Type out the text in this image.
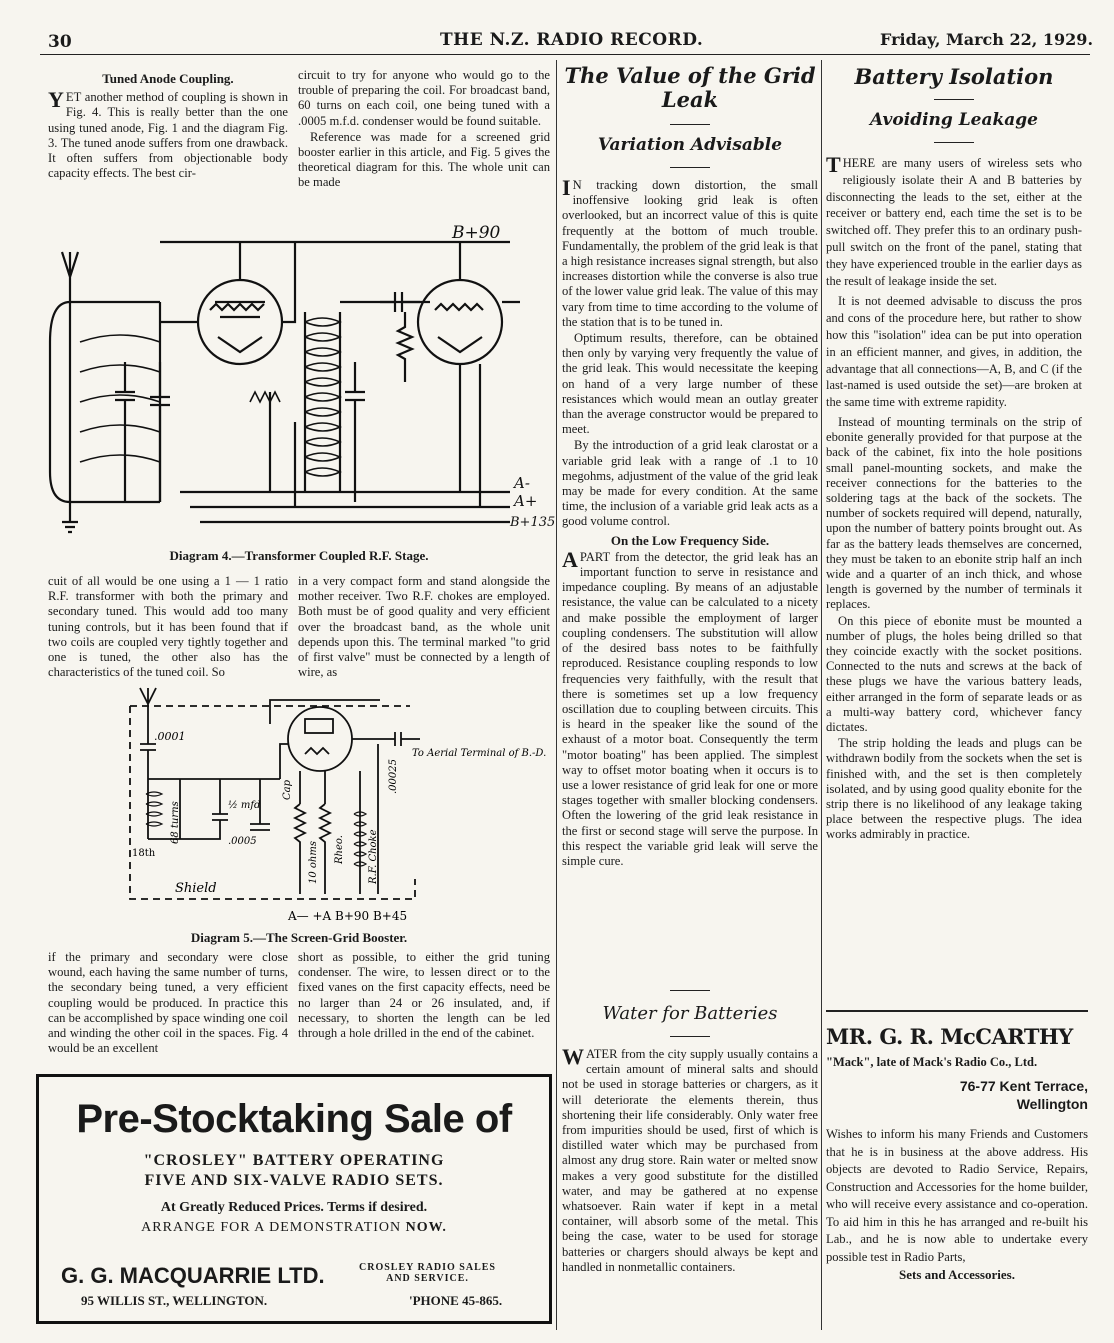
30	THE N.Z. RADIO RECORD.	Friday, March 22, 1929.
Tuned Anode Coupling.

YET another method of coupling is shown in Fig. 4. This is really better than the one using tuned anode, Fig. 1 and the diagram Fig. 3. The tuned anode suffers from one drawback. It often suffers from objectionable body capacity effects. The best cir-

circuit to try for anyone who would go to the trouble of preparing the coil. For broadcast band, 60 turns on each coil, one being tuned with a .0005 m.f.d. condenser would be found suitable.

Reference was made for a screened grid booster earlier in this article, and Fig. 5 gives the theoretical diagram for this. The whole unit can be made

B+90
A-
A+
B+135
Diagram 4.—Transformer Coupled R.F. Stage.
cuit of all would be one using a 1 — 1 ratio R.F. transformer with both the primary and secondary tuned. This would add too many tuning controls, but it has been found that if two coils are coupled very tightly together and one is tuned, the other also has the characteristics of the tuned coil. So
in a very compact form and stand alongside the mother receiver. Two R.F. chokes are employed. Both must be of good quality and very efficient over the broadcast band, as the whole unit depends upon this. The terminal marked "to grid of first valve" must be connected by a length of wire, as
.0001
68 turns
18th
½ mfd
.0005
Cap
10 ohms Rheo. R.F. Choke
.00025
To Aerial Terminal of B.-D.
Shield
A— +A B+90 B+45
Diagram 5.—The Screen-Grid Booster.
if the primary and secondary were close wound, each having the same number of turns, the secondary being tuned, a very efficient coupling would be produced. In practice this can be accomplished by space winding one coil and winding the other coil in the spaces. Fig. 4 would be an excellent
short as possible, to either the grid tuning condenser. The wire, to lessen direct or to the fixed vanes on the first capacity effects, need be no larger than 24 or 26 insulated, and, if necessary, to shorten the length can be led through a hole drilled in the end of the cabinet.
Pre-Stocktaking Sale of
"CROSLEY" BATTERY OPERATING
FIVE AND SIX-VALVE RADIO SETS.
At Greatly Reduced Prices. Terms if desired.
ARRANGE FOR A DEMONSTRATION NOW.
G. G. MACQUARRIE LTD.	CROSLEY RADIO SALES
AND SERVICE.
95 WILLIS ST., WELLINGTON.	'PHONE 45-865.
The Value of the Grid Leak
Variation Advisable

I N tracking down distortion, the small inoffensive looking grid leak is often overlooked, but an incorrect value of this is quite frequently at the bottom of much trouble. Fundamentally, the problem of the grid leak is that a high resistance increases signal strength, but also increases distortion while the converse is also true of the lower value grid leak. The value of this may vary from time to time according to the volume of the station that is to be tuned in.

Optimum results, therefore, can be obtained then only by varying very frequently the value of the grid leak. This would necessitate the keeping on hand of a very large number of these resistances which would mean an outlay greater than the average constructor would be prepared to meet.

By the introduction of a grid leak clarostat or a variable grid leak with a range of .1 to 10 megohms, adjustment of the value of the grid leak may be made for every condition. At the same time, the inclusion of a variable grid leak acts as a good volume control.

On the Low Frequency Side.

APART from the detector, the grid leak has an important function to serve in resistance and impedance coupling. By means of an adjustable resistance, the value can be calculated to a nicety and make possible the employment of larger coupling condensers. The substitution will allow of the desired bass notes to be faithfully reproduced. Resistance coupling responds to low frequencies very faithfully, with the result that there is sometimes set up a low frequency oscillation due to coupling between circuits. This is heard in the speaker like the sound of the exhaust of a motor boat. Consequently the term "motor boating" has been applied. The simplest way to offset motor boating when it occurs is to use a lower resistance of grid leak for one or more stages together with smaller blocking condensers. Often the lowering of the grid leak resistance in the first or second stage will serve the purpose. In this respect the variable grid leak will serve the simple cure.

Water for Batteries

WATER from the city supply usually contains a certain amount of mineral salts and should not be used in storage batteries or chargers, as it will deteriorate the elements therein, thus shortening their life considerably. Only water free from impurities should be used, first of which is distilled water which may be purchased from almost any drug store. Rain water or melted snow makes a very good substitute for the distilled water, and may be gathered at no expense whatsoever. Rain water if kept in a metal container, will absorb some of the metal. This being the case, water to be used for storage batteries or chargers should always be kept and handled in nonmetallic containers.

Battery Isolation
Avoiding Leakage

THERE are many users of wireless sets who religiously isolate their A and B batteries by disconnecting the leads to the set, either at the receiver or battery end, each time the set is to be switched off. They prefer this to an ordinary push-pull switch on the front of the panel, stating that they have experienced trouble in the earlier days as the result of leakage inside the set.

It is not deemed advisable to discuss the pros and cons of the procedure here, but rather to show how this "isolation" idea can be put into operation in an efficient manner, and gives, in addition, the advantage that all connections—A, B, and C (if the last-named is used outside the set)—are broken at the same time with extreme rapidity.

Instead of mounting terminals on the strip of ebonite generally provided for that purpose at the back of the cabinet, fix into the hole positions small panel-mounting sockets, and make the receiver connections for the batteries to the soldering tags at the back of the sockets. The number of sockets required will depend, naturally, upon the number of battery points brought out. As far as the battery leads themselves are concerned, they must be taken to an ebonite strip half an inch wide and a quarter of an inch thick, and whose length is governed by the number of terminals it replaces.

On this piece of ebonite must be mounted a number of plugs, the holes being drilled so that they coincide exactly with the socket positions. Connected to the nuts and screws at the back of these plugs we have the various battery leads, either arranged in the form of separate leads or as a multi-way battery cord, whichever fancy dictates.

The strip holding the leads and plugs can be withdrawn bodily from the sockets when the set is finished with, and the set is then completely isolated, and by using good quality ebonite for the strip there is no likelihood of any leakage taking place between the respective plugs. The idea works admirably in practice.

MR. G. R. McCARTHY
"Mack", late of Mack's Radio Co., Ltd.
76-77 Kent Terrace,
Wellington
Wishes to inform his many Friends and Customers that he is in business at the above address. His objects are devoted to Radio Service, Repairs, Construction and Accessories for the home builder, who will receive every assistance and co-operation. To aid him in this he has arranged and re-built his Lab., and he is now able to undertake every possible test in Radio Parts,
Sets and Accessories.
